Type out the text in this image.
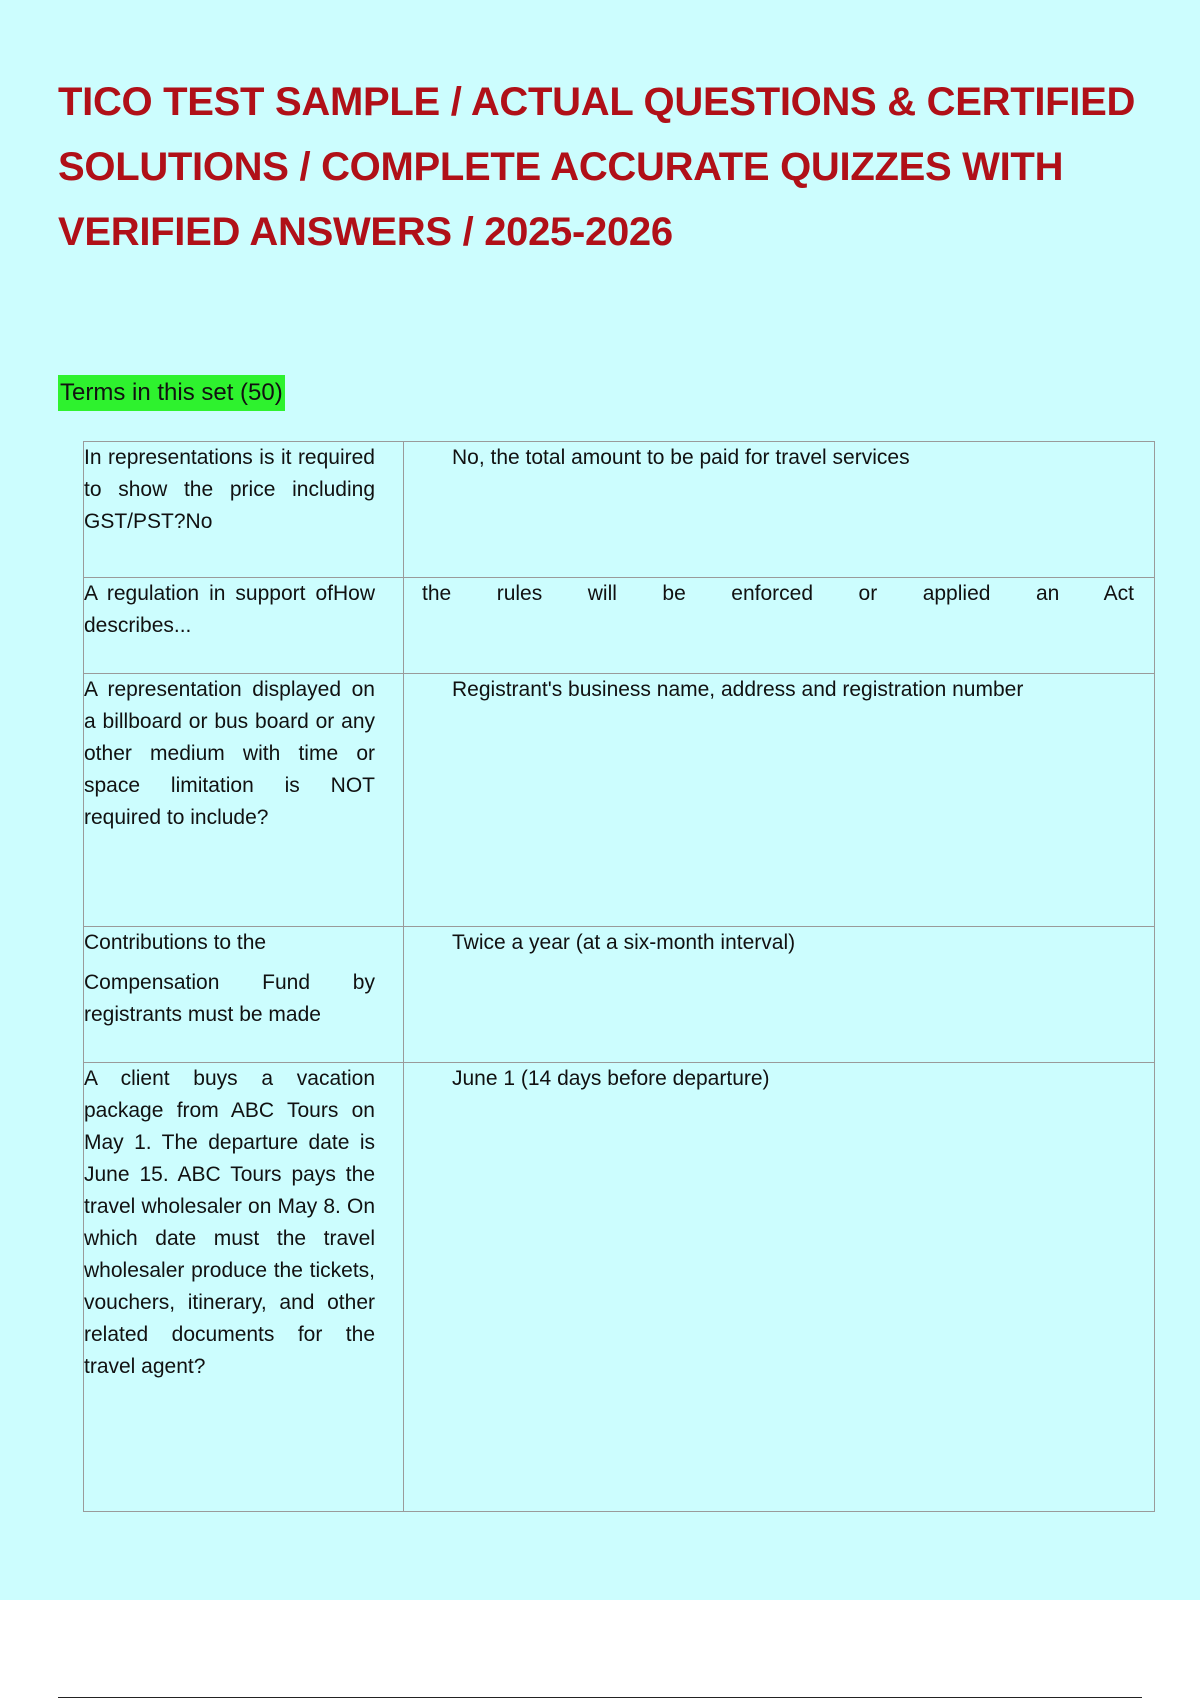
TICO TEST SAMPLE / ACTUAL QUESTIONS & CERTIFIED SOLUTIONS / COMPLETE ACCURATE QUIZZES WITH VERIFIED ANSWERS / 2025-2026
Terms in this set (50)
In representations is it required to show the price including GST/PST?No	No, the total amount to be paid for travel services

A regulation in support ofHow describes...	the rules will be enforced or applied an Act

A representation displayed on a billboard or bus board or any other medium with time or space limitation is NOT required to include?	Registrant's business name, address and registration number

Contributions to the
Compensation Fund by registrants must be made	Twice a year (at a six-month interval)

A client buys a vacation package from ABC Tours on May 1. The departure date is June 15. ABC Tours pays the travel wholesaler on May 8. On which date must the travel wholesaler produce the tickets, vouchers, itinerary, and other related documents for the travel agent?	June 1 (14 days before departure)
